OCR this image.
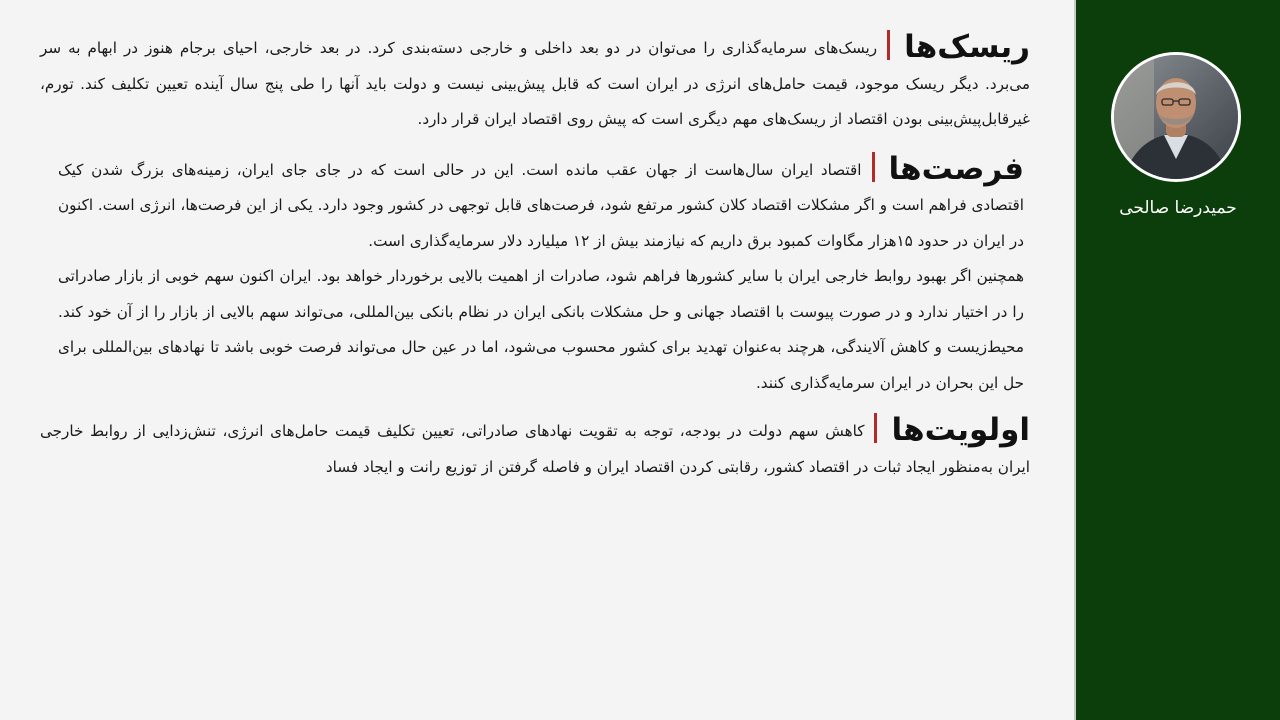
ریسک‌هاریسک‌های سرمایه‌گذاری را می‌توان در دو بعد داخلی و خارجی دسته‌بندی کرد. در بعد خارجی، احیای برجام هنوز در ابهام به سر می‌برد. دیگر ریسک موجود، قیمت حامل‌های انرژی در ایران است که قابل پیش‌بینی نیست و دولت باید آنها را طی پنج سال آینده تعیین تکلیف کند. تورم، غیرقابل‌پیش‌بینی بودن اقتصاد از ریسک‌های مهم دیگری است که پیش روی اقتصاد ایران قرار دارد.

فرصت‌هااقتصاد ایران سال‌هاست از جهان عقب مانده است. این در حالی است که در جای جای ایران، زمینه‌های بزرگ شدن کیک اقتصادی فراهم است و اگر مشکلات اقتصاد کلان کشور مرتفع شود، فرصت‌های قابل توجهی در کشور وجود دارد. یکی از این فرصت‌ها، انرژی است. اکنون در ایران در حدود ۱۵هزار مگاوات کمبود برق داریم که نیازمند بیش از ۱۲ میلیارد دلار سرمایه‌گذاری است.

همچنین اگر بهبود روابط خارجی ایران با سایر کشورها فراهم شود، صادرات از اهمیت بالایی برخوردار خواهد بود. ایران اکنون سهم خوبی از بازار صادراتی را در اختیار ندارد و در صورت پیوست با اقتصاد جهانی و حل مشکلات بانکی ایران در نظام بانکی بین‌المللی، می‌تواند سهم بالایی از بازار را از آن خود کند. محیط‌زیست و کاهش آلایندگی، هرچند به‌عنوان تهدید برای کشور محسوب می‌شود، اما در عین حال می‌تواند فرصت خوبی باشد تا نهادهای بین‌المللی برای حل این بحران در ایران سرمایه‌گذاری کنند.

اولویت‌هاکاهش سهم دولت در بودجه، توجه به تقویت نهادهای صادراتی، تعیین تکلیف قیمت حامل‌های انرژی، تنش‌زدایی از روابط خارجی ایران به‌منظور ایجاد ثبات در اقتصاد کشور، رقابتی کردن اقتصاد ایران و فاصله گرفتن از توزیع رانت و ایجاد فساد

حمیدرضا صالحی
